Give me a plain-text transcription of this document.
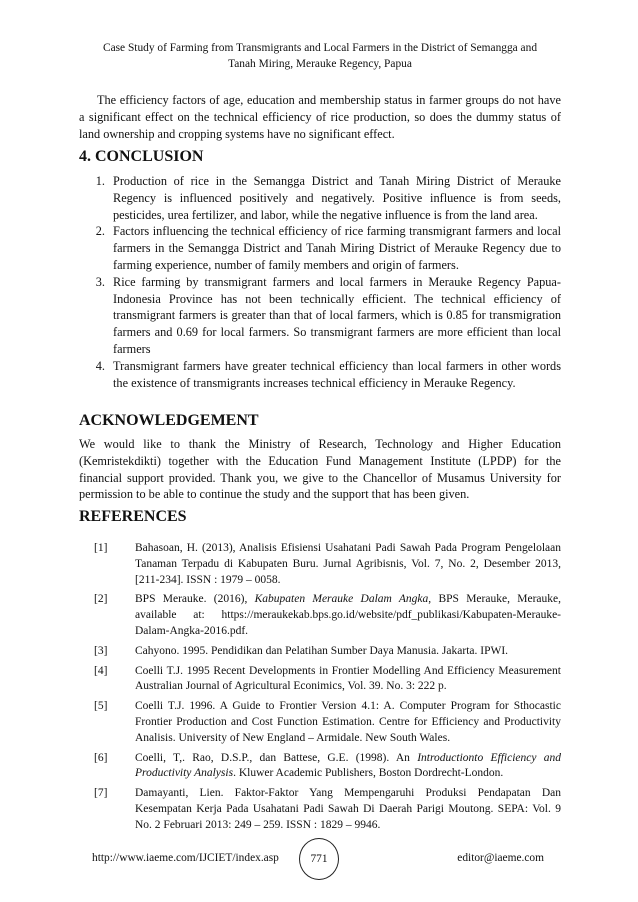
Case Study of Farming from Transmigrants and Local Farmers in the District of Semangga and
Tanah Miring, Merauke Regency, Papua

The efficiency factors of age, education and membership status in farmer groups do not have a significant effect on the technical efficiency of rice production, so does the dummy status of land ownership and cropping systems have no significant effect.

4. CONCLUSION
1. Production of rice in the Semangga District and Tanah Miring District of Merauke Regency is influenced positively and negatively. Positive influence is from seeds, pesticides, urea fertilizer, and labor, while the negative influence is from the land area.
2. Factors influencing the technical efficiency of rice farming transmigrant farmers and local farmers in the Semangga District and Tanah Miring District of Merauke Regency due to farming experience, number of family members and origin of farmers.
3. Rice farming by transmigrant farmers and local farmers in Merauke Regency Papua-Indonesia Province has not been technically efficient. The technical efficiency of transmigrant farmers is greater than that of local farmers, which is 0.85 for transmigration farmers and 0.69 for local farmers. So transmigrant farmers are more efficient than local farmers
4. Transmigrant farmers have greater technical efficiency than local farmers in other words the existence of transmigrants increases technical efficiency in Merauke Regency.
ACKNOWLEDGEMENT

We would like to thank the Ministry of Research, Technology and Higher Education (Kemristekdikti) together with the Education Fund Management Institute (LPDP) for the financial support provided. Thank you, we give to the Chancellor of Musamus University for permission to be able to continue the study and the support that has been given.

REFERENCES
[1]	Bahasoan, H. (2013), Analisis Efisiensi Usahatani Padi Sawah Pada Program Pengelolaan Tanaman Terpadu di Kabupaten Buru. Jurnal Agribisnis, Vol. 7, No. 2, Desember 2013, [211-234]. ISSN : 1979 – 0058.
[2]	BPS Merauke. (2016), Kabupaten Merauke Dalam Angka, BPS Merauke, Merauke, available at: https://meraukekab.bps.go.id/website/pdf_publikasi/Kabupaten-Merauke-Dalam-Angka-2016.pdf.
[3]	Cahyono. 1995. Pendidikan dan Pelatihan Sumber Daya Manusia. Jakarta. IPWI.
[4]	Coelli T.J. 1995 Recent Developments in Frontier Modelling And Efficiency Measurement Australian Journal of Agricultural Econimics, Vol. 39. No. 3: 222 p.
[5]	Coelli T.J. 1996. A Guide to Frontier Version 4.1: A. Computer Program for Sthocastic Frontier Production and Cost Function Estimation. Centre for Efficiency and Productivity Analisis. University of New England – Armidale. New South Wales.
[6]	Coelli, T,. Rao, D.S.P., dan Battese, G.E. (1998). An Introductionto Efficiency and Productivity Analysis. Kluwer Academic Publishers, Boston Dordrecht-London.
[7]	Damayanti, Lien. Faktor-Faktor Yang Mempengaruhi Produksi Pendapatan Dan Kesempatan Kerja Pada Usahatani Padi Sawah Di Daerah Parigi Moutong. SEPA: Vol. 9 No. 2 Februari 2013: 249 – 259. ISSN : 1829 – 9946.
http://www.iaeme.com/IJCIET/index.asp	771	editor@iaeme.com
